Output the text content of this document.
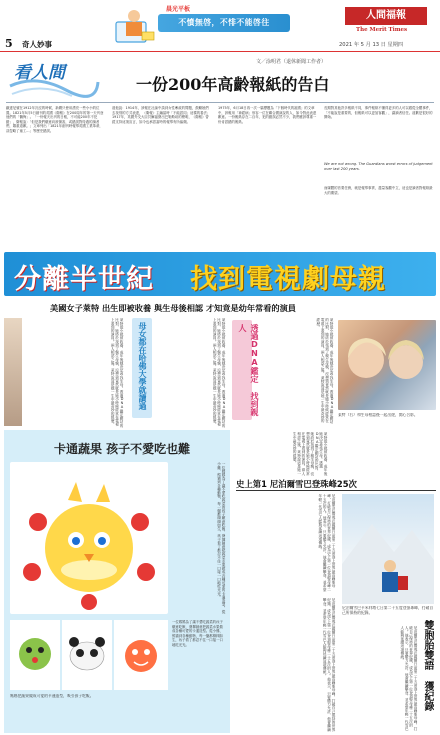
5 奇人妙事
晨光平板
不憤無啓，不悱不能啓往
人間福報
The Merit Times
2021 年 5 月 13 日 星期四
看人間
文／涂明君（退休新聞工作者）
一份200年高齡報紙的告白
鐵達尼號在1912年沉沒的時候，新聞只使用漂亮一些小小的位置。1821年5月5日創刊的英國《衛報》在200周年的第一天刊登他們的「懺悔」。「一份報天出刊的日報，不可能200年不犯錯」，衛報說：「但是我們願意向被傷害，或錯誤對待過的讀者們，鄭重道歉。」文章列出「1821年創刊時報導英國工業革命，卻忽略了童工...」等歷史錯誤。
道他說：1914年，該報在社論中談到女性參政的問題，鼓勵她們去找別的方式表達，《衛報》主編當時「不能認同」這樣的看法；1917年，英國外交大臣貝爾福發出巴勒斯坦的聲明，《衛報》曾經支持這項宣言，如今也承認當時的報導有所偏頗。
1975年，6月18日再一次一篇標題為「下個時代的祖國」的文章中，該報用「神經病」形容一位在聯合國演說的人，如今對此表達歉意。一份報紙存在二百年，犯的錯誤必然不少，我們應該尊重一份肯認錯的報紙。
長期對其他許多報紙不同，事件報紙不懂得更多的人可以跟從全體事件，「不能說是重要的，但報紙可以更加客觀」，讓讀者信任。道歉是很好的開始。
We are not wrong. The Guardians worst errors of judgement over last 200 years.
而媒體的首要任務，就是報導事實，盡量客觀中立，這也是讀者對報紙最大的期望。
分離半世紀 找到電視劇母親
美國女子萊特 出生即被收養 與生母後相認 才知竟是幼年常看的演員
萊特從小就被收養，成年後她決定尋找生母。透過DNA鑑定網站的比對，她終於找到了親生母親，沒想到竟然就是她小時候經常在電視上看到的演員。兩人相認之後，萊特說這是她一生中最奇妙的經歷。	母女都在哈佛大學就讀過	萊特從小就被收養，成年後她決定尋找生母。透過DNA鑑定網站的比對，她終於找到了親生母親，沒想到竟然就是她小時候經常在電視上看到的演員。兩人相認之後，萊特說這是她一生中最奇妙的經歷。	透過DNA鑑定 找到親人	萊特從小就被收養，成年後她決定尋找生母。透過DNA鑑定網站的比對，她終於找到了親生母親，沒想到竟然就是她小時候經常在電視上看到的演員。兩人相認之後，萊特說這是她一生中最奇妙的經歷。
萊特（右）和生母相認後一起出遊，開心合影。
卡通蔬果 孩子不愛吃也難
一位媽媽為了讓不愛吃蔬菜的孩子願意吃飯，發揮創意把蔬菜水果做成各種可愛的卡通造型。從小雞、熊貓到各種動物，每一盤都栩栩如生，孩子看了都忍不住一口接一口地吃光光。
媽媽把蔬果做成可愛的卡通造型，吸引孩子吃飯。
一位媽媽為了讓不愛吃蔬菜的孩子願意吃飯，發揮創意把蔬菜水果做成各種可愛的卡通造型。從小雞、熊貓到各種動物，每一盤都栩栩如生，孩子看了都忍不住一口接一口地吃光光。
萊特從小就被收養，成年後她決定尋找生母。透過DNA鑑定網站的比對，她終於找到了親生母親，沒想到竟然就是她小時候經常在電視上看到的演員。兩人相認之後，萊特說這是她一生中最奇妙的經歷。
史上第1 尼泊爾雪巴登珠峰25次
尼泊爾雪巴嚮導巴薩爾日前第二十五度登上世界最高峰聖母峰，打破自己保持的世界紀錄，成為史上第一位登頂聖母峰二十五次的人。他表示，只要體力允許，他會繼續攀登，並希望年輕一代雪巴人能夠延續這項傳統。
尼泊爾雪巴卡米利塔七日第二十五度登頂珠峰，打破自己所保持的紀錄。
尼泊爾雪巴嚮導巴薩爾日前第二十五度登上世界最高峰聖母峰，打破自己保持的世界紀錄，成為史上第一位登頂聖母峰二十五次的人。他表示，只要體力允許，他會繼續攀登，並希望年輕一代雪巴人能夠延續這項傳統。	尼泊爾雪巴嚮導巴薩爾日前第二十五度登上世界最高峰聖母峰，打破自己保持的世界紀錄，成為史上第一位登頂聖母峰二十五次的人。他表示，只要體力允許，他會繼續攀登，並希望年輕一代雪巴人能夠延續這項傳統。	雙胞胎雙語 獲紀錄
